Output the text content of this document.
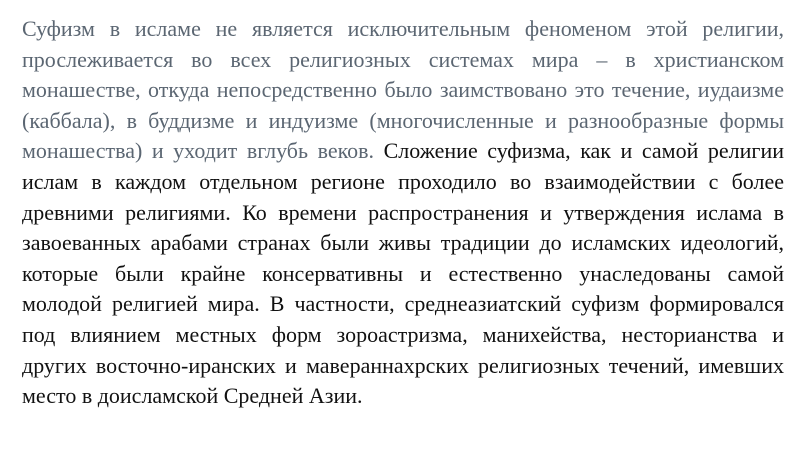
Суфизм в исламе не является исключительным феноменом этой религии, прослеживается во всех религиозных системах мира – в христианском монашестве, откуда непосредственно было заимствовано это течение, иудаизме (каббала), в буддизме и индуизме (многочисленные и разнообразные формы монашества) и уходит вглубь веков. Сложение суфизма, как и самой религии ислам в каждом отдельном регионе проходило во взаимодействии с более древними религиями. Ко времени распространения и утверждения ислама в завоеванных арабами странах были живы традиции до исламских идеологий, которые были крайне консервативны и естественно унаследованы самой молодой религией мира. В частности, среднеазиатский суфизм формировался под влиянием местных форм зороастризма, манихейства, несторианства и других восточно-иранских и мавераннахрских религиозных течений, имевших место в доисламской Средней Азии.
